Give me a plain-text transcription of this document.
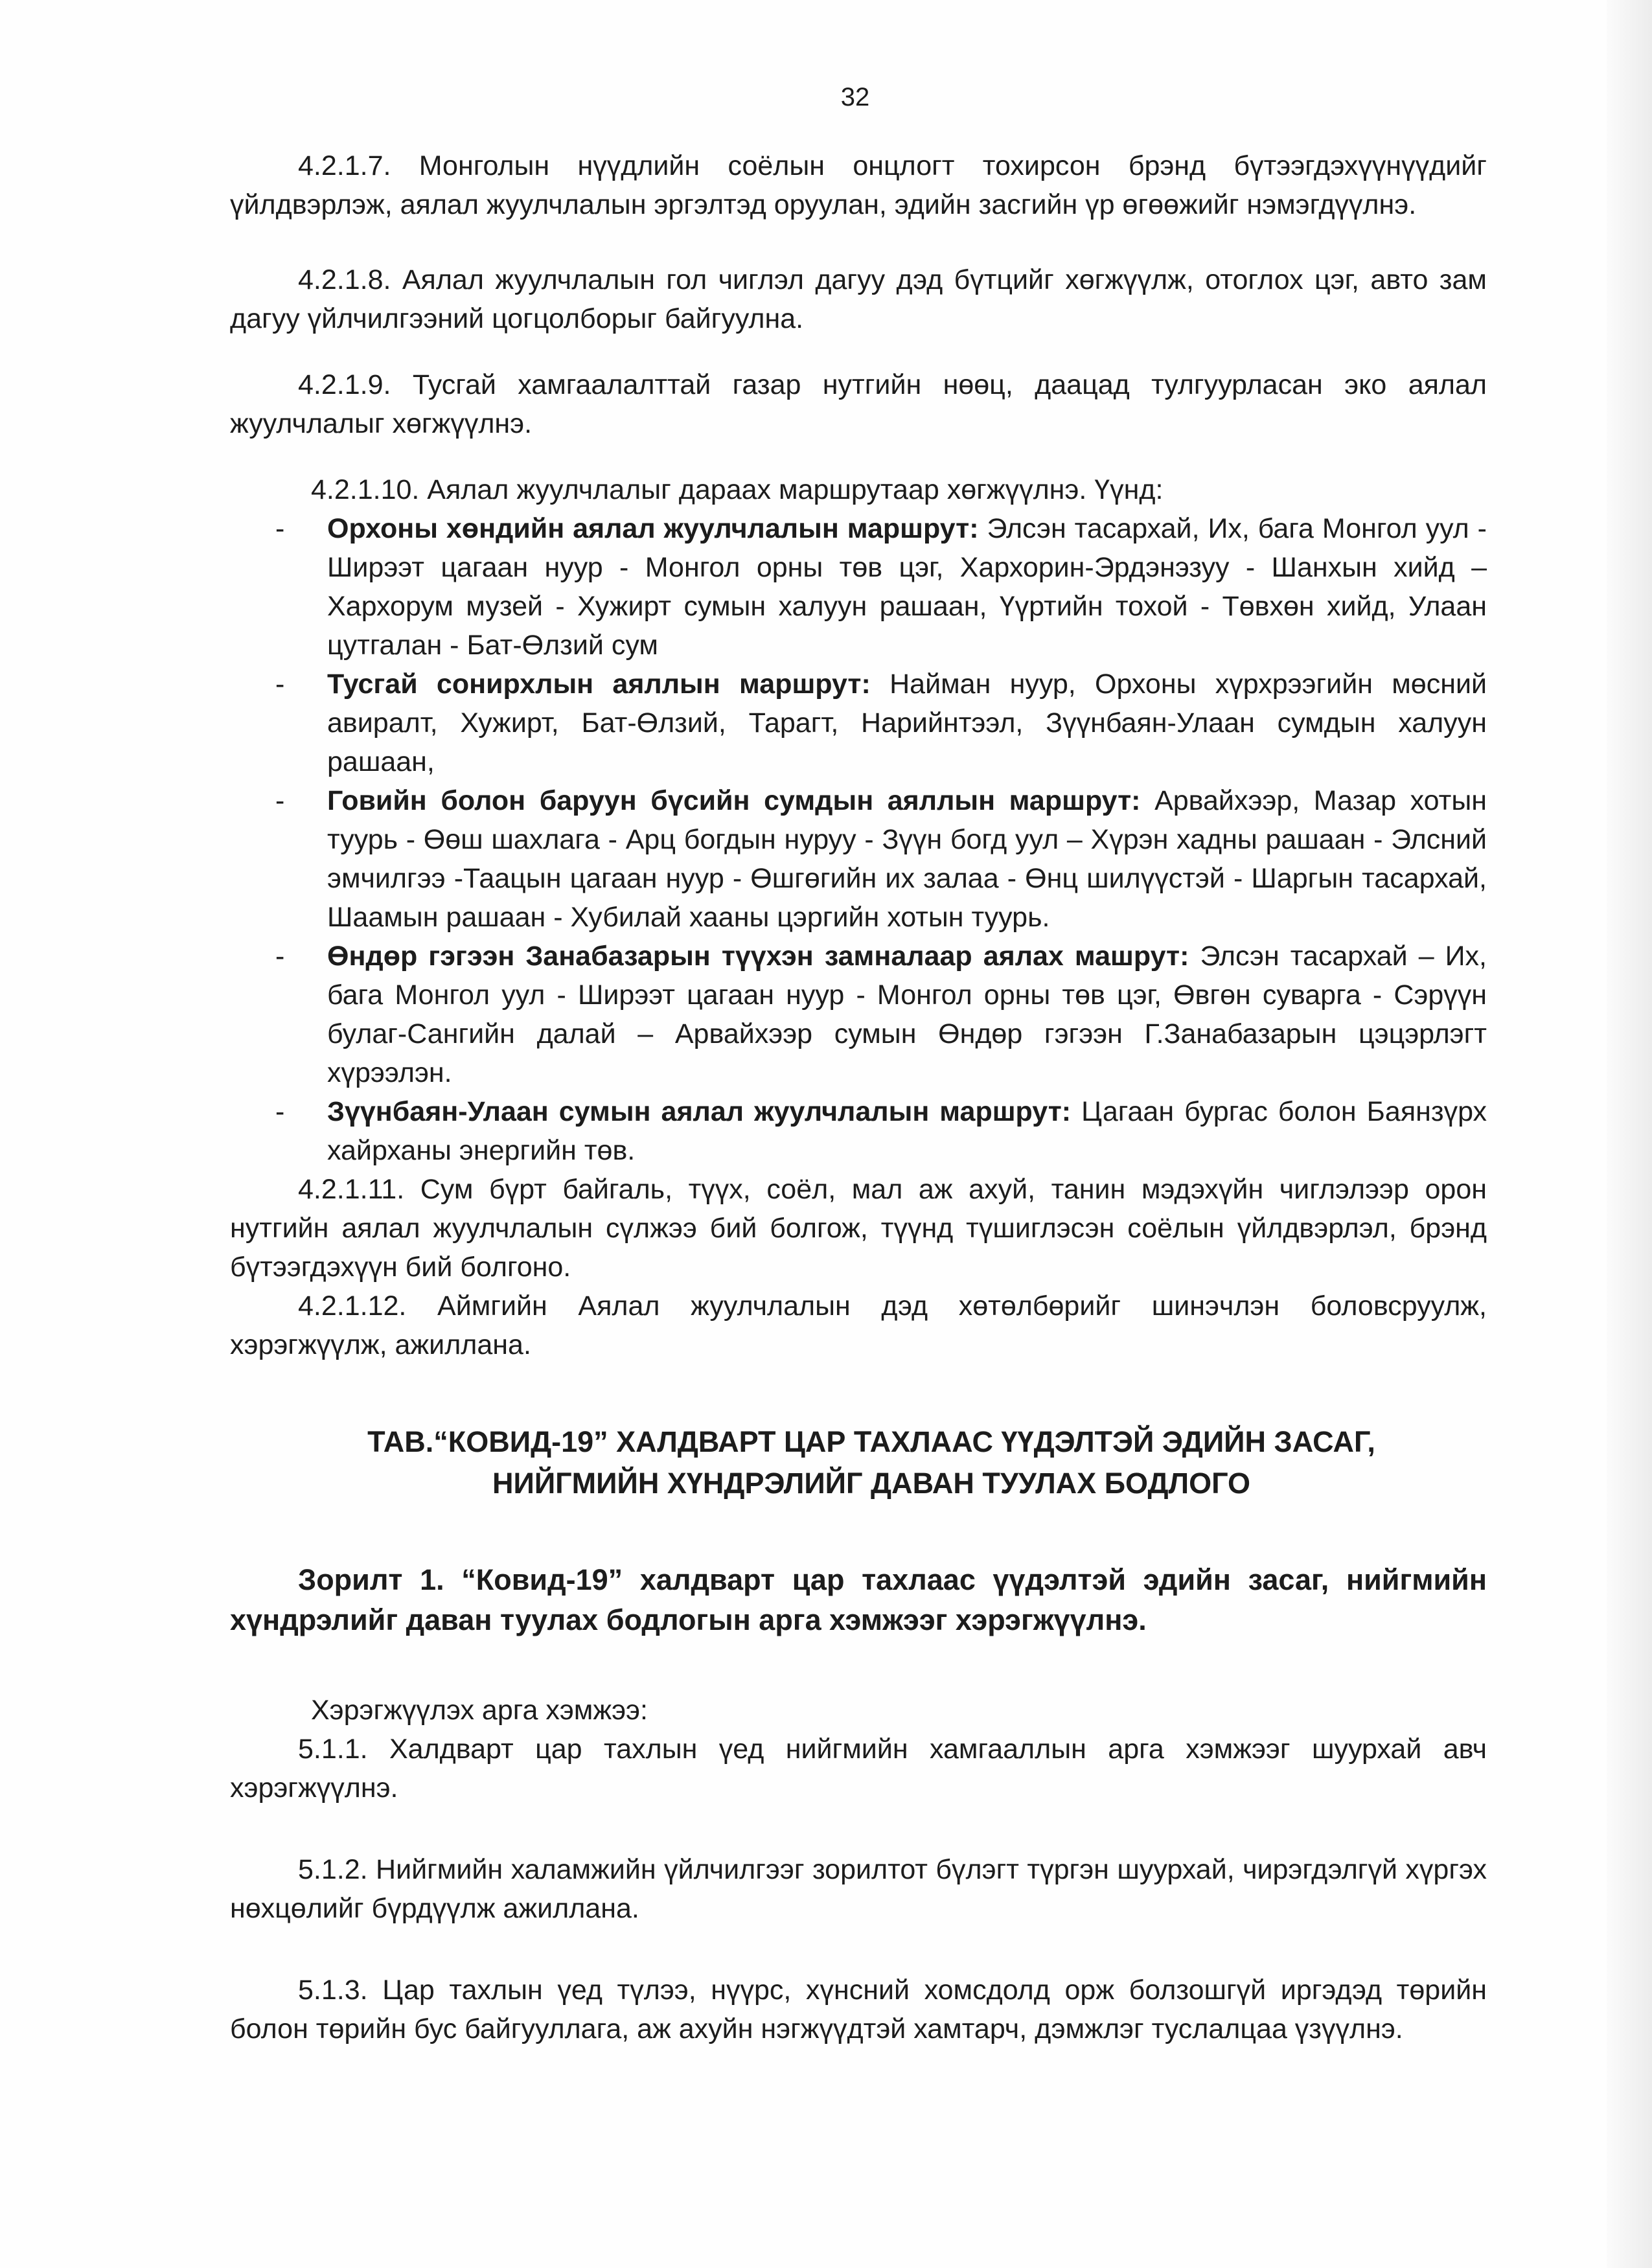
32

4.2.1.7. Монголын нүүдлийн соёлын онцлогт тохирсон брэнд бүтээгдэхүүнүүдийг үйлдвэрлэж, аялал жуулчлалын эргэлтэд оруулан, эдийн засгийн үр өгөөжийг нэмэгдүүлнэ.

4.2.1.8. Аялал жуулчлалын гол чиглэл дагуу дэд бүтцийг хөгжүүлж, отоглох цэг, авто зам дагуу үйлчилгээний цогцолборыг байгуулна.

4.2.1.9. Тусгай хамгаалалттай газар нутгийн нөөц, даацад тулгуурласан эко аялал жуулчлалыг хөгжүүлнэ.

4.2.1.10. Аялал жуулчлалыг дараах маршрутаар хөгжүүлнэ. Үүнд:

- Орхоны хөндийн аялал жуулчлалын маршрут: Элсэн тасархай, Их, бага Монгол уул - Ширээт цагаан нуур - Монгол орны төв цэг, Хархорин-Эрдэнэзуу - Шанхын хийд – Хархорум музей - Хужирт сумын халуун рашаан, Үүртийн тохой - Төвхөн хийд, Улаан цутгалан - Бат-Өлзий сум
- Тусгай сонирхлын аяллын маршрут: Найман нуур, Орхоны хүрхрээгийн мөсний авиралт, Хужирт, Бат-Өлзий, Тарагт, Нарийнтээл, Зүүнбаян-Улаан сумдын халуун рашаан,
- Говийн болон баруун бүсийн сумдын аяллын маршрут: Арвайхээр, Мазар хотын туурь - Өөш шахлага - Арц богдын нуруу - Зүүн богд уул – Хүрэн хадны рашаан - Элсний эмчилгээ -Таацын цагаан нуур - Өшгөгийн их залаа - Өнц шилүүстэй - Шаргын тасархай, Шаамын рашаан - Хубилай хааны цэргийн хотын туурь.
- Өндөр гэгээн Занабазарын түүхэн замналаар аялах машрут: Элсэн тасархай – Их, бага Монгол уул - Ширээт цагаан нуур - Монгол орны төв цэг, Өвгөн суварга - Сэрүүн булаг-Сангийн далай – Арвайхээр сумын Өндөр гэгээн Г.Занабазарын цэцэрлэгт хүрээлэн.
- Зүүнбаян-Улаан сумын аялал жуулчлалын маршрут: Цагаан бургас болон Баянзүрх хайрханы энергийн төв.

4.2.1.11. Сум бүрт байгаль, түүх, соёл, мал аж ахуй, танин мэдэхүйн чиглэлээр орон нутгийн аялал жуулчлалын сүлжээ бий болгож, түүнд түшиглэсэн соёлын үйлдвэрлэл, брэнд бүтээгдэхүүн бий болгоно.

4.2.1.12. Аймгийн Аялал жуулчлалын дэд хөтөлбөрийг шинэчлэн боловсруулж, хэрэгжүүлж, ажиллана.

ТАВ.“КОВИД-19” ХАЛДВАРТ ЦАР ТАХЛААС ҮҮДЭЛТЭЙ ЭДИЙН ЗАСАГ,
НИЙГМИЙН ХҮНДРЭЛИЙГ ДАВАН ТУУЛАХ БОДЛОГО

Зорилт 1. “Ковид-19” халдварт цар тахлаас үүдэлтэй эдийн засаг, нийгмийн хүндрэлийг даван туулах бодлогын арга хэмжээг хэрэгжүүлнэ.

Хэрэгжүүлэх арга хэмжээ:

5.1.1. Халдварт цар тахлын үед нийгмийн хамгааллын арга хэмжээг шуурхай авч хэрэгжүүлнэ.

5.1.2. Нийгмийн халамжийн үйлчилгээг зорилтот бүлэгт түргэн шуурхай, чирэгдэлгүй хүргэх нөхцөлийг бүрдүүлж ажиллана.

5.1.3. Цар тахлын үед түлээ, нүүрс, хүнсний хомсдолд орж болзошгүй иргэдэд төрийн болон төрийн бус байгууллага, аж ахуйн нэгжүүдтэй хамтарч, дэмжлэг туслалцаа үзүүлнэ.
